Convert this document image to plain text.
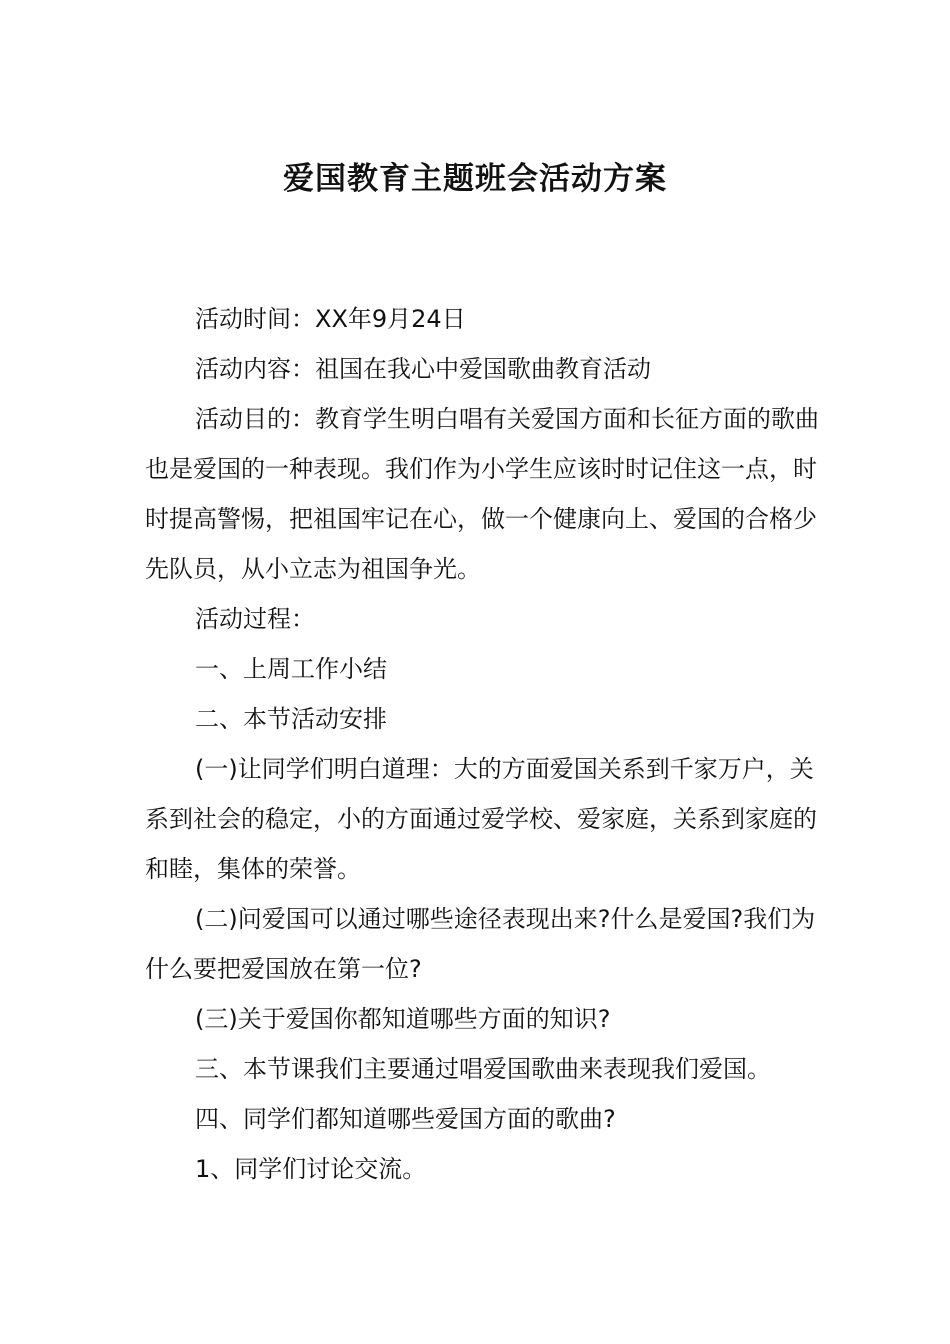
爱国教育主题班会活动方案

活动时间：XX年9月24日

活动内容：祖国在我心中爱国歌曲教育活动

活动目的：教育学生明白唱有关爱国方面和长征方面的歌曲也是爱国的一种表现。我们作为小学生应该时时记住这一点，时时提高警惕，把祖国牢记在心，做一个健康向上、爱国的合格少先队员，从小立志为祖国争光。

活动过程：

一、上周工作小结

二、本节活动安排

(一)让同学们明白道理：大的方面爱国关系到千家万户，关系到社会的稳定，小的方面通过爱学校、爱家庭，关系到家庭的和睦，集体的荣誉。

(二)问爱国可以通过哪些途径表现出来?什么是爱国?我们为什么要把爱国放在第一位?

(三)关于爱国你都知道哪些方面的知识?

三、本节课我们主要通过唱爱国歌曲来表现我们爱国。

四、同学们都知道哪些爱国方面的歌曲?

1、同学们讨论交流。
